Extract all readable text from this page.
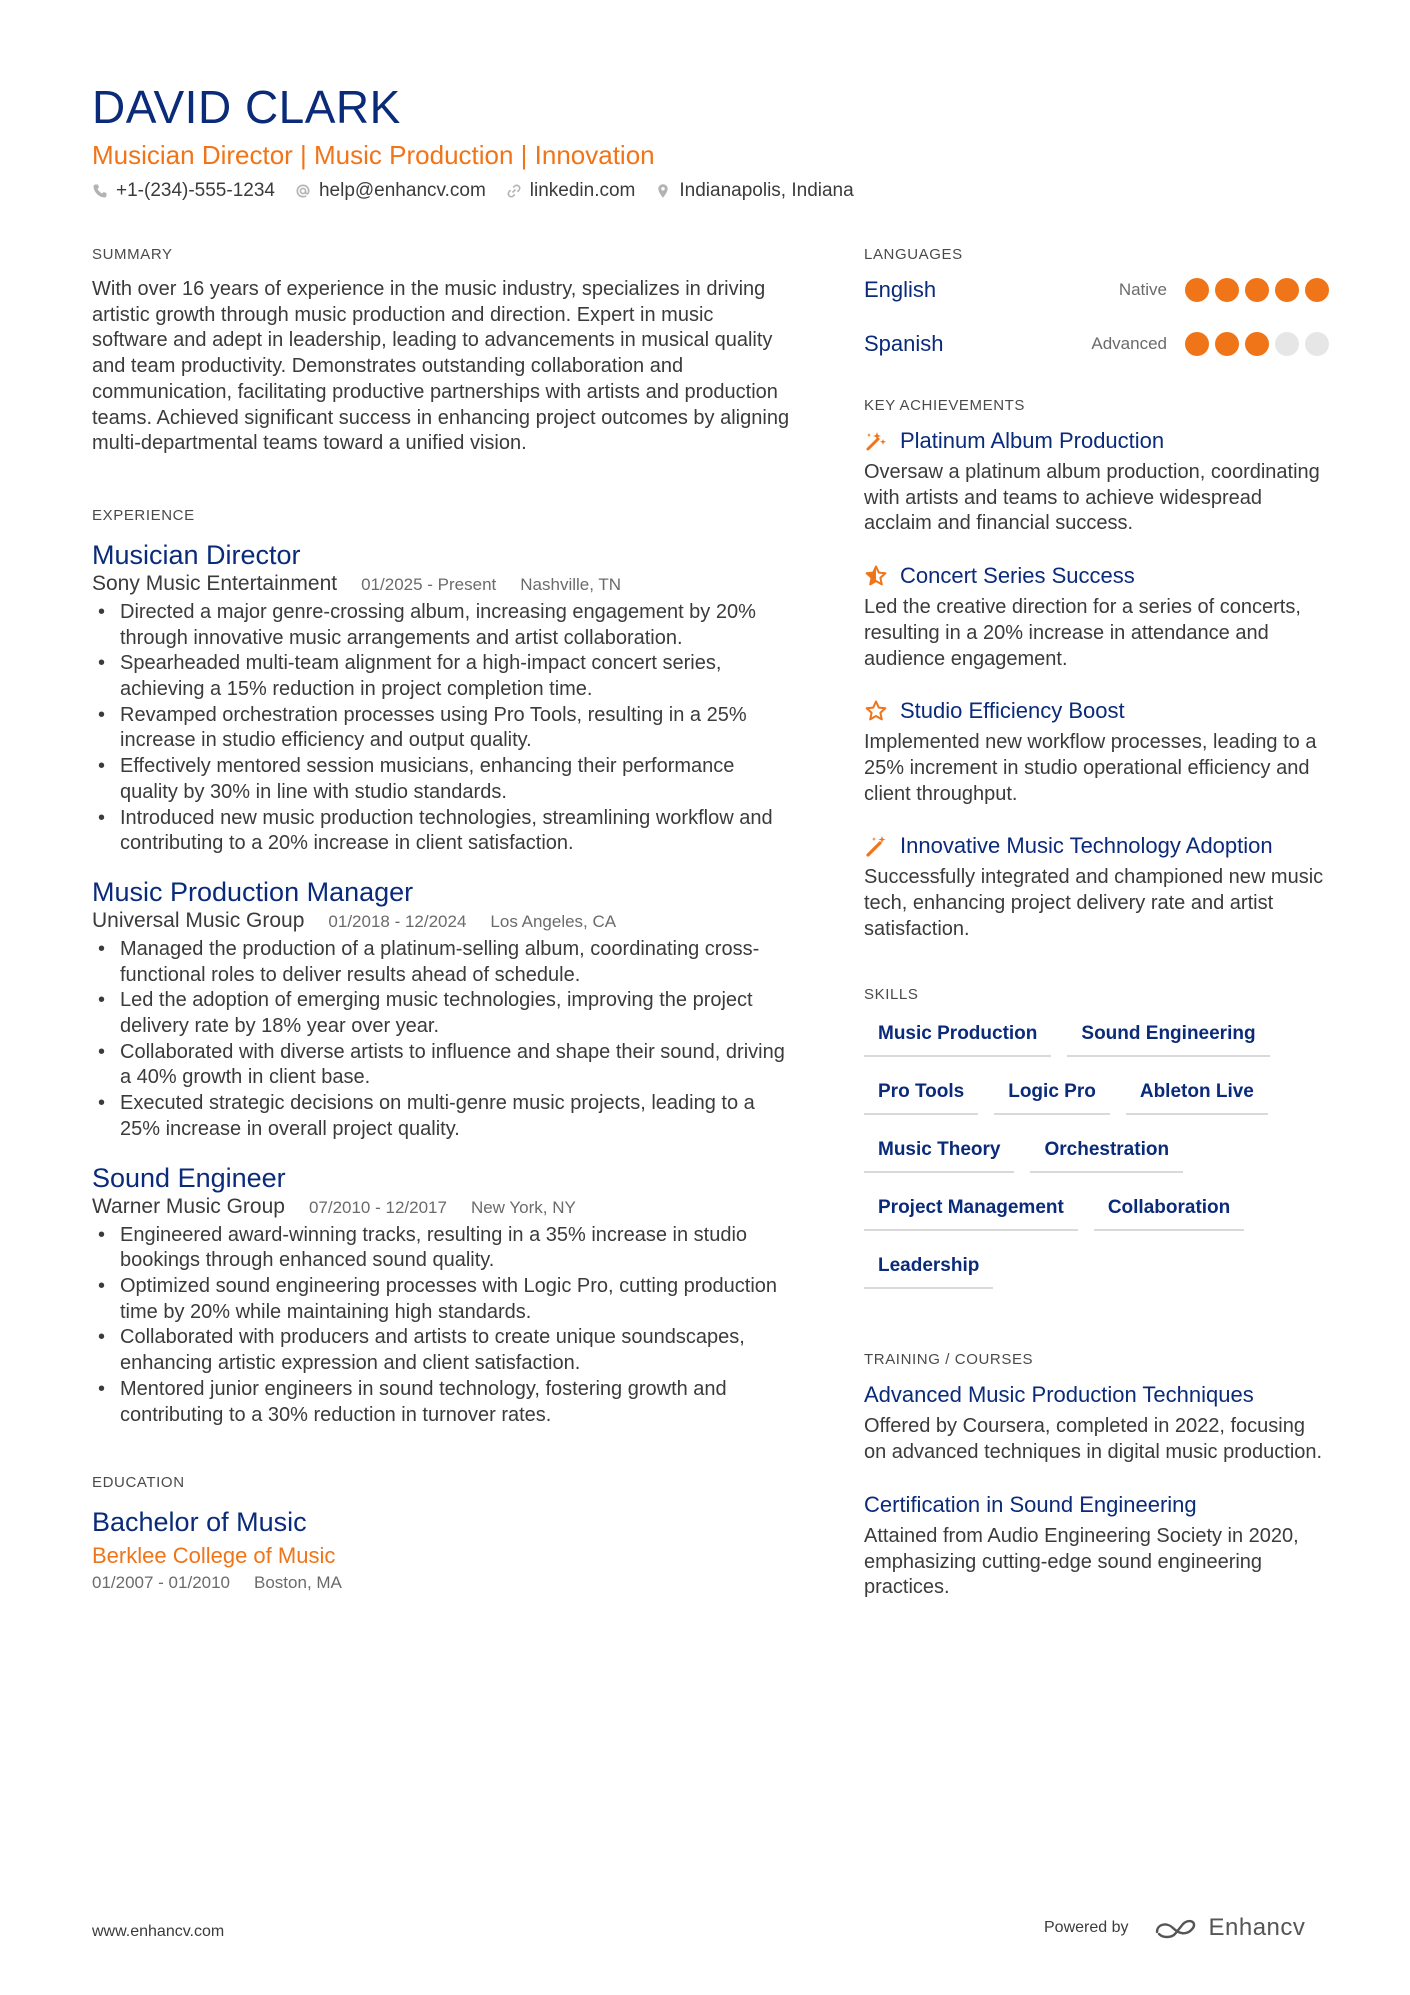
DAVID CLARK
Musician Director | Music Production | Innovation
+1-(234)-555-1234 help@enhancv.com linkedin.com Indianapolis, Indiana
SUMMARY

With over 16 years of experience in the music industry, specializes in driving artistic growth through music production and direction. Expert in music software and adept in leadership, leading to advancements in musical quality and team productivity. Demonstrates outstanding collaboration and communication, facilitating productive partnerships with artists and production teams. Achieved significant success in enhancing project outcomes by aligning multi-departmental teams toward a unified vision.

EXPERIENCE
Musician Director
Sony Music Entertainment 01/2025 - Present Nashville, TN
• Directed a major genre-crossing album, increasing engagement by 20% through innovative music arrangements and artist collaboration.
• Spearheaded multi-team alignment for a high-impact concert series, achieving a 15% reduction in project completion time.
• Revamped orchestration processes using Pro Tools, resulting in a 25% increase in studio efficiency and output quality.
• Effectively mentored session musicians, enhancing their performance quality by 30% in line with studio standards.
• Introduced new music production technologies, streamlining workflow and contributing to a 20% increase in client satisfaction.
Music Production Manager
Universal Music Group 01/2018 - 12/2024 Los Angeles, CA
• Managed the production of a platinum-selling album, coordinating cross-functional roles to deliver results ahead of schedule.
• Led the adoption of emerging music technologies, improving the project delivery rate by 18% year over year.
• Collaborated with diverse artists to influence and shape their sound, driving a 40% growth in client base.
• Executed strategic decisions on multi-genre music projects, leading to a 25% increase in overall project quality.
Sound Engineer
Warner Music Group 07/2010 - 12/2017 New York, NY
• Engineered award-winning tracks, resulting in a 35% increase in studio bookings through enhanced sound quality.
• Optimized sound engineering processes with Logic Pro, cutting production time by 20% while maintaining high standards.
• Collaborated with producers and artists to create unique soundscapes, enhancing artistic expression and client satisfaction.
• Mentored junior engineers in sound technology, fostering growth and contributing to a 30% reduction in turnover rates.
EDUCATION
Bachelor of Music
Berklee College of Music
01/2007 - 01/2010 Boston, MA
LANGUAGES
English	Native
Spanish	Advanced
KEY ACHIEVEMENTS
Platinum Album Production

Oversaw a platinum album production, coordinating with artists and teams to achieve widespread acclaim and financial success.

Concert Series Success

Led the creative direction for a series of concerts, resulting in a 20% increase in attendance and audience engagement.

Studio Efficiency Boost

Implemented new workflow processes, leading to a 25% increment in studio operational efficiency and client throughput.

Innovative Music Technology Adoption

Successfully integrated and championed new music tech, enhancing project delivery rate and artist satisfaction.

SKILLS
Music Production	Sound Engineering
Pro Tools	Logic Pro	Ableton Live
Music Theory	Orchestration
Project Management	Collaboration
Leadership
TRAINING / COURSES
Advanced Music Production Techniques

Offered by Coursera, completed in 2022, focusing on advanced techniques in digital music production.

Certification in Sound Engineering

Attained from Audio Engineering Society in 2020, emphasizing cutting-edge sound engineering practices.

www.enhancv.com	Powered by	Enhancv
